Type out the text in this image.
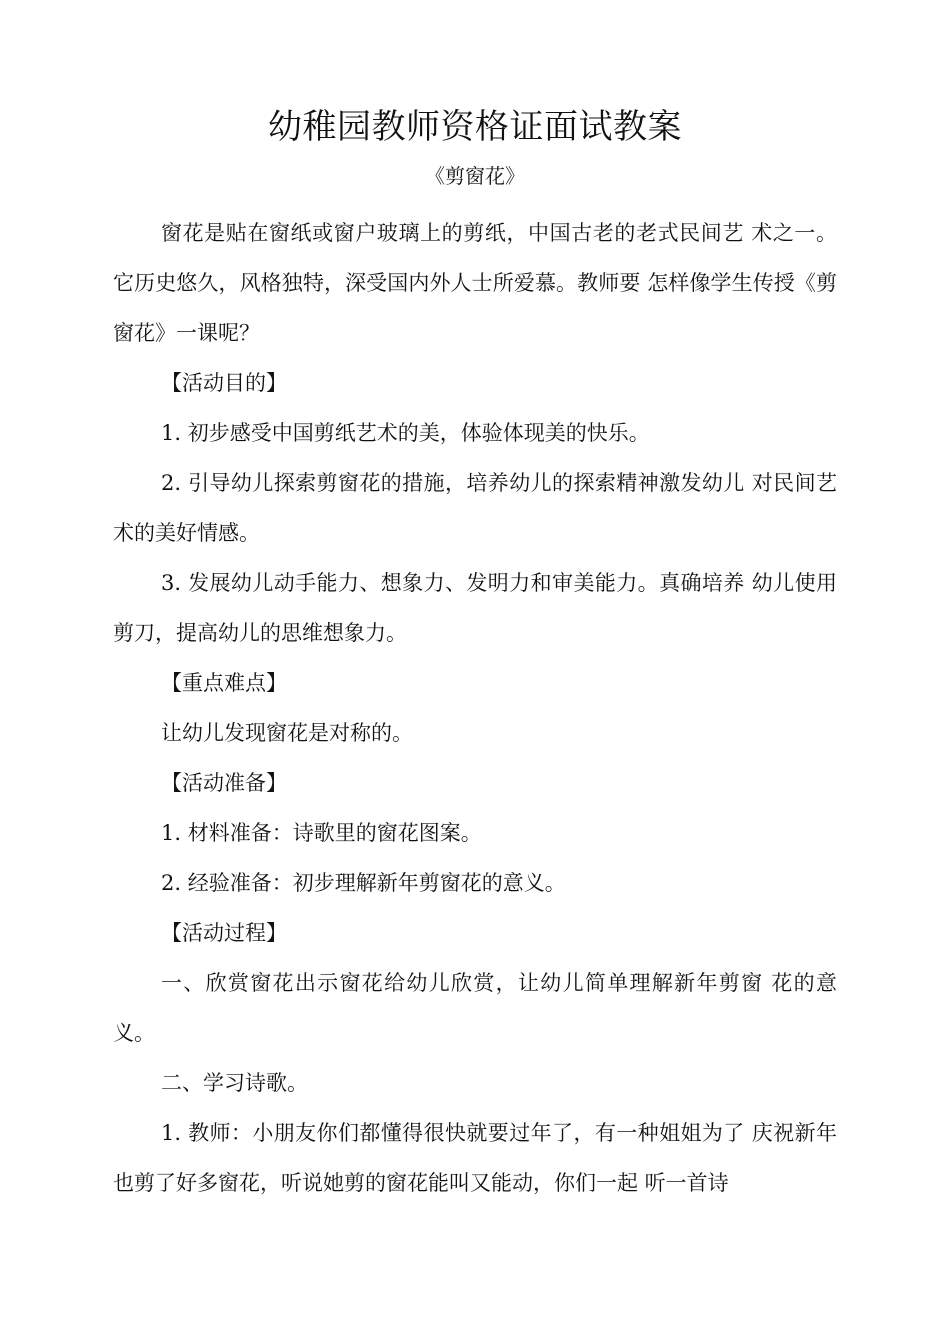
幼稚园教师资格证面试教案
《剪窗花》

窗花是贴在窗纸或窗户玻璃上的剪纸，中国古老的老式民间艺 术之一。它历史悠久，风格独特，深受国内外人士所爱慕。教师要 怎样像学生传授《剪窗花》一课呢？

【活动目的】

1. 初步感受中国剪纸艺术的美，体验体现美的快乐。

2. 引导幼儿探索剪窗花的措施，培养幼儿的探索精神激发幼儿 对民间艺术的美好情感。

3. 发展幼儿动手能力、想象力、发明力和审美能力。真确培养 幼儿使用剪刀，提高幼儿的思维想象力。

【重点难点】

让幼儿发现窗花是对称的。

【活动准备】

1. 材料准备：诗歌里的窗花图案。

2. 经验准备：初步理解新年剪窗花的意义。

【活动过程】

一、欣赏窗花出示窗花给幼儿欣赏，让幼儿简单理解新年剪窗 花的意义。

二、学习诗歌。

1. 教师：小朋友你们都懂得很快就要过年了，有一种姐姐为了 庆祝新年也剪了好多窗花，听说她剪的窗花能叫又能动，你们一起 听一首诗
